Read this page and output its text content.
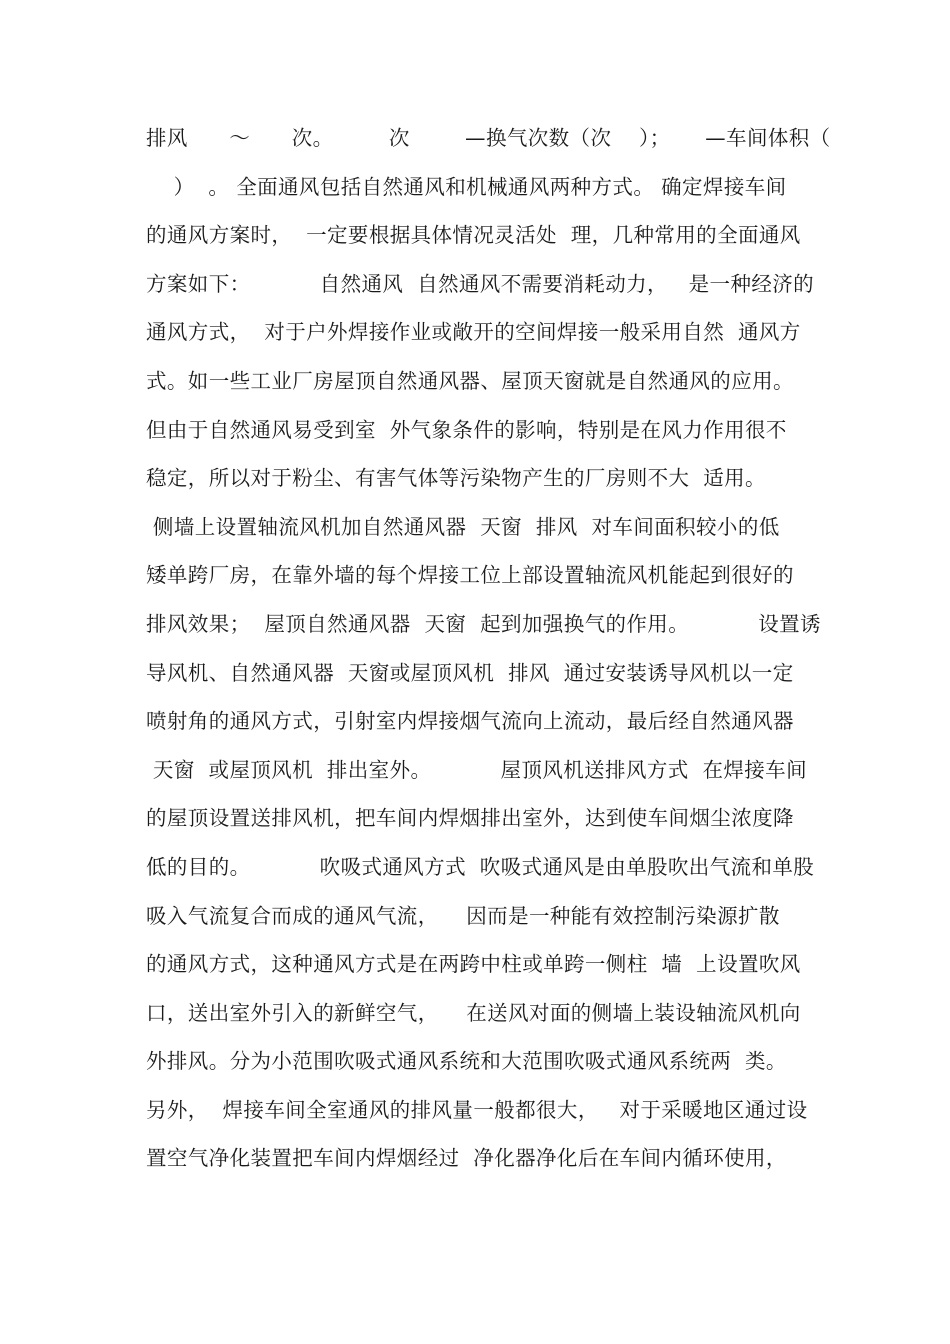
排风      ～      次。        次        —换气次数（次    ）；     —车间体积（
）  。 全面通风包括自然通风和机械通风两种方式。 确定焊接车间
的通风方案时，  一定要根据具体情况灵活处  理，几种常用的全面通风
方案如下：          自然通风  自然通风不需要消耗动力，   是一种经济的
通风方式，  对于户外焊接作业或敞开的空间焊接一般采用自然  通风方
式。如一些工业厂房屋顶自然通风器、屋顶天窗就是自然通风的应用。
但由于自然通风易受到室  外气象条件的影响，特别是在风力作用很不
稳定，所以对于粉尘、有害气体等污染物产生的厂房则不大  适用。
侧墙上设置轴流风机加自然通风器  天窗  排风  对车间面积较小的低
矮单跨厂房，在靠外墙的每个焊接工位上部设置轴流风机能起到很好的
排风效果；  屋顶自然通风器  天窗  起到加强换气的作用。          设置诱
导风机、自然通风器  天窗或屋顶风机  排风  通过安装诱导风机以一定
喷射角的通风方式，引射室内焊接烟气流向上流动，最后经自然通风器
天窗  或屋顶风机  排出室外。          屋顶风机送排风方式  在焊接车间
的屋顶设置送排风机，把车间内焊烟排出室外，达到使车间烟尘浓度降
低的目的。          吹吸式通风方式  吹吸式通风是由单股吹出气流和单股
吸入气流复合而成的通风气流，    因而是一种能有效控制污染源扩散
的通风方式，这种通风方式是在两跨中柱或单跨一侧柱  墙  上设置吹风
口，送出室外引入的新鲜空气，    在送风对面的侧墙上装设轴流风机向
外排风。分为小范围吹吸式通风系统和大范围吹吸式通风系统两  类。
另外，  焊接车间全室通风的排风量一般都很大，   对于采暖地区通过设
置空气净化装置把车间内焊烟经过  净化器净化后在车间内循环使用，
